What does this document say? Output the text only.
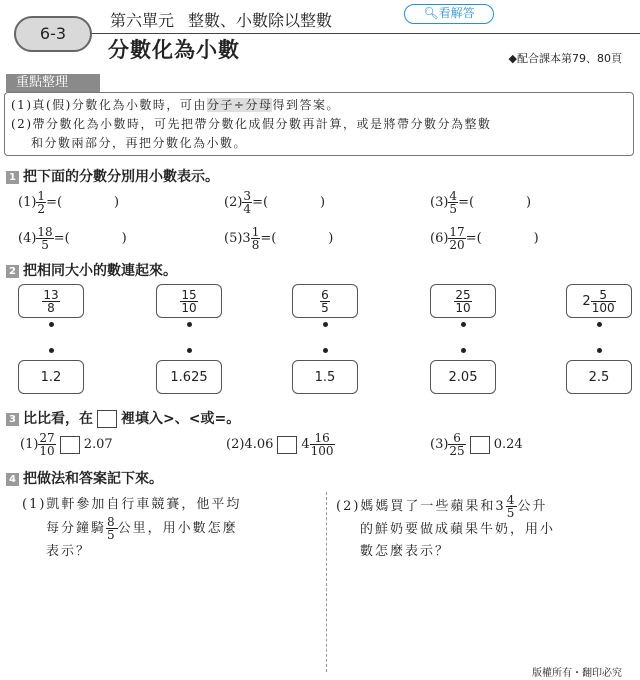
6-3
第六單元 整數、小數除以整數	🔍︎看解答
分數化為小數	◆配合課本第79、80頁
重點整理
(1)真(假)分數化為小數時，可由分子÷分母得到答案。
(2)帶分數化為小數時，可先把帶分數化成假分數再計算，或是將帶分數分為整數
和分數兩部分，再把分數化為小數。
1 把下面的分數分別用小數表示。
$(1) \frac{1}{2}$ =(　　　　)	$(2) \frac{3}{4}$ =(　　　　)	$(3) \frac{4}{5}$ =(　　　　)
$(4) \frac{18}{5}$ =(　　　　)	$(5)3 \frac{1}{8}$ =(　　　　)	$(6) \frac{17}{20}$ =(　　　　)
2 把相同大小的數連起來。
$\frac{13}{8}$
1.2
$\frac{15}{10}$
1.625
$\frac{6}{5}$
1.5
$\frac{25}{10}$
2.05
$2 \frac{5}{100}$
2.5
3 比比看，在 裡填入>、<或=。
$(1) \frac{27}{10} 2.07$	(2)4.06 $4 \frac{16}{100}$	$(3) \frac{6}{25} 0.24$
4 把做法和答案記下來。
(1)凱軒參加自行車競賽，他平均
每分鐘騎 $\frac{8}{5}$ 公里，用小數怎麼
表示？
(2)媽媽買了一些蘋果和$3 \frac{4}{5}$ 公升
的鮮奶要做成蘋果牛奶，用小
數怎麼表示？
版權所有・翻印必究
